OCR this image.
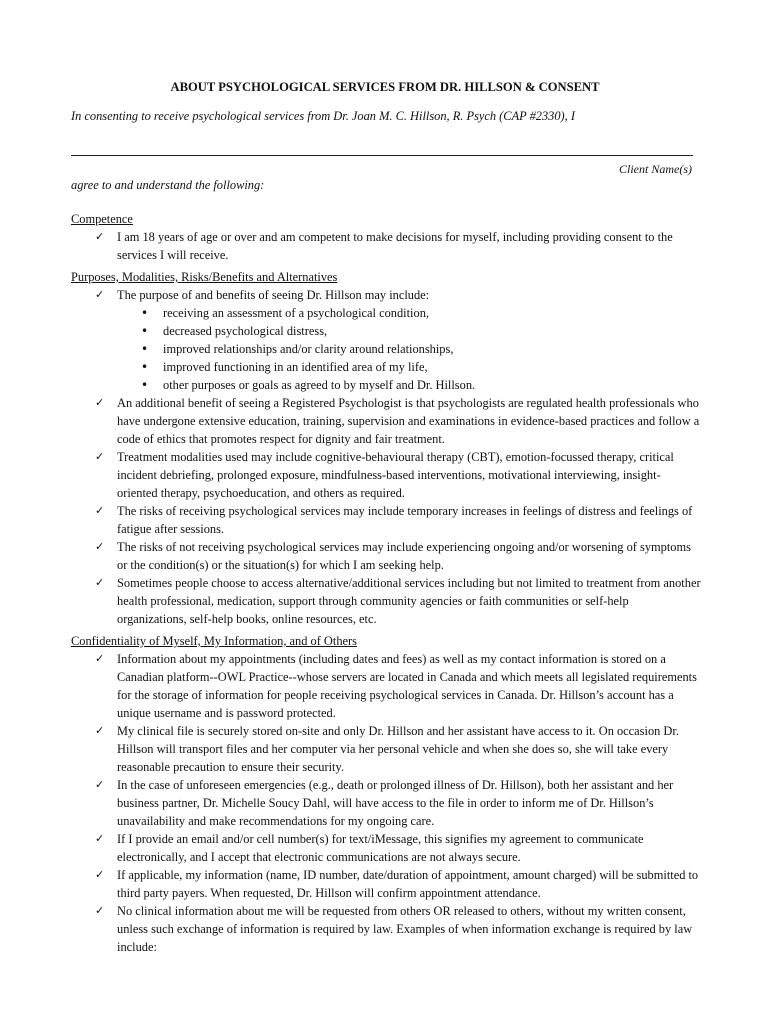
ABOUT PSYCHOLOGICAL SERVICES FROM DR. HILLSON & CONSENT
In consenting to receive psychological services from Dr. Joan M. C. Hillson, R. Psych (CAP #2330), I
Client Name(s)
agree to and understand the following:
Competence
✓ I am 18 years of age or over and am competent to make decisions for myself, including providing consent to the services I will receive.
Purposes, Modalities, Risks/Benefits and Alternatives
✓ The purpose of and benefits of seeing Dr. Hillson may include:
• receiving an assessment of a psychological condition,
• decreased psychological distress,
• improved relationships and/or clarity around relationships,
• improved functioning in an identified area of my life,
• other purposes or goals as agreed to by myself and Dr. Hillson.
✓ An additional benefit of seeing a Registered Psychologist is that psychologists are regulated health professionals who have undergone extensive education, training, supervision and examinations in evidence-based practices and follow a code of ethics that promotes respect for dignity and fair treatment.
✓ Treatment modalities used may include cognitive-behavioural therapy (CBT), emotion-focussed therapy, critical incident debriefing, prolonged exposure, mindfulness-based interventions, motivational interviewing, insight-oriented therapy, psychoeducation, and others as required.
✓ The risks of receiving psychological services may include temporary increases in feelings of distress and feelings of fatigue after sessions.
✓ The risks of not receiving psychological services may include experiencing ongoing and/or worsening of symptoms or the condition(s) or the situation(s) for which I am seeking help.
✓ Sometimes people choose to access alternative/additional services including but not limited to treatment from another health professional, medication, support through community agencies or faith communities or self-help organizations, self-help books, online resources, etc.
Confidentiality of Myself, My Information, and of Others
✓ Information about my appointments (including dates and fees) as well as my contact information is stored on a Canadian platform--OWL Practice--whose servers are located in Canada and which meets all legislated requirements for the storage of information for people receiving psychological services in Canada. Dr. Hillson’s account has a unique username and is password protected.
✓ My clinical file is securely stored on-site and only Dr. Hillson and her assistant have access to it. On occasion Dr. Hillson will transport files and her computer via her personal vehicle and when she does so, she will take every reasonable precaution to ensure their security.
✓ In the case of unforeseen emergencies (e.g., death or prolonged illness of Dr. Hillson), both her assistant and her business partner, Dr. Michelle Soucy Dahl, will have access to the file in order to inform me of Dr. Hillson’s unavailability and make recommendations for my ongoing care.
✓ If I provide an email and/or cell number(s) for text/iMessage, this signifies my agreement to communicate electronically, and I accept that electronic communications are not always secure.
✓ If applicable, my information (name, ID number, date/duration of appointment, amount charged) will be submitted to third party payers. When requested, Dr. Hillson will confirm appointment attendance.
✓ No clinical information about me will be requested from others OR released to others, without my written consent, unless such exchange of information is required by law. Examples of when information exchange is required by law include:
